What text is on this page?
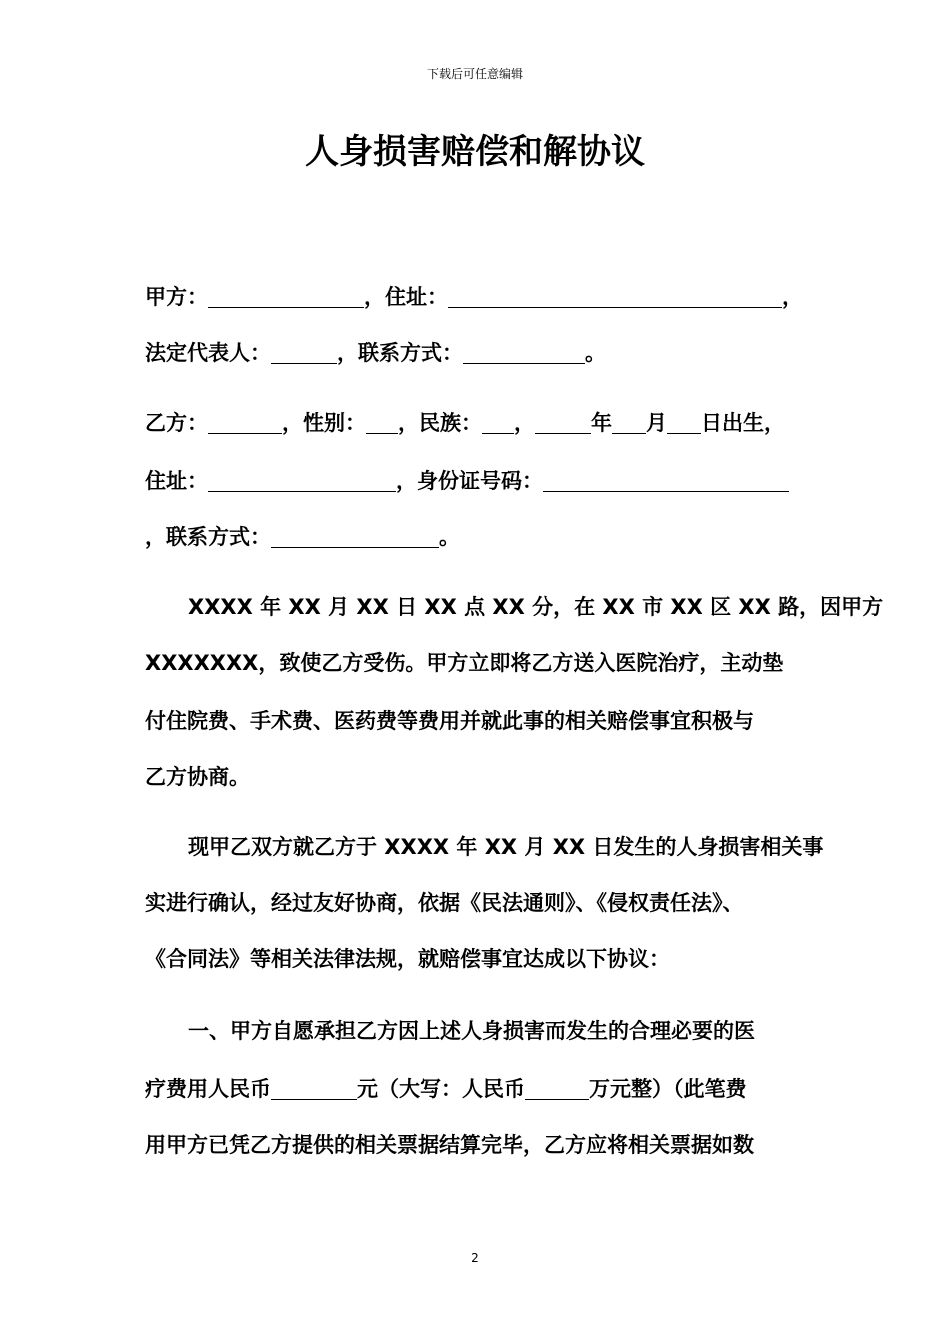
下载后可任意编辑
人身损害赔偿和解协议
甲方：	，住址：	，
法定代表人：	，联系方式：	。
乙方：	，性别： ，民族： ，	年 月 日出生，
住址：	，身份证号码：
，联系方式：	。
XXXX 年 XX 月 XX 日 XX 点 XX 分，在 XX 市 XX 区 XX 路，因甲方
XXXXXXX，致使乙方受伤。甲方立即将乙方送入医院治疗，主动垫
付住院费、手术费、医药费等费用并就此事的相关赔偿事宜积极与
乙方协商。
现甲乙双方就乙方于 XXXX 年 XX 月 XX 日发生的人身损害相关事
实进行确认，经过友好协商，依据《民法通则》、《侵权责任法》、
《合同法》等相关法律法规，就赔偿事宜达成以下协议：
一、甲方自愿承担乙方因上述人身损害而发生的合理必要的医
疗费用人民币	元（大写：人民币	万元整）（此笔费
用甲方已凭乙方提供的相关票据结算完毕，乙方应将相关票据如数
2
